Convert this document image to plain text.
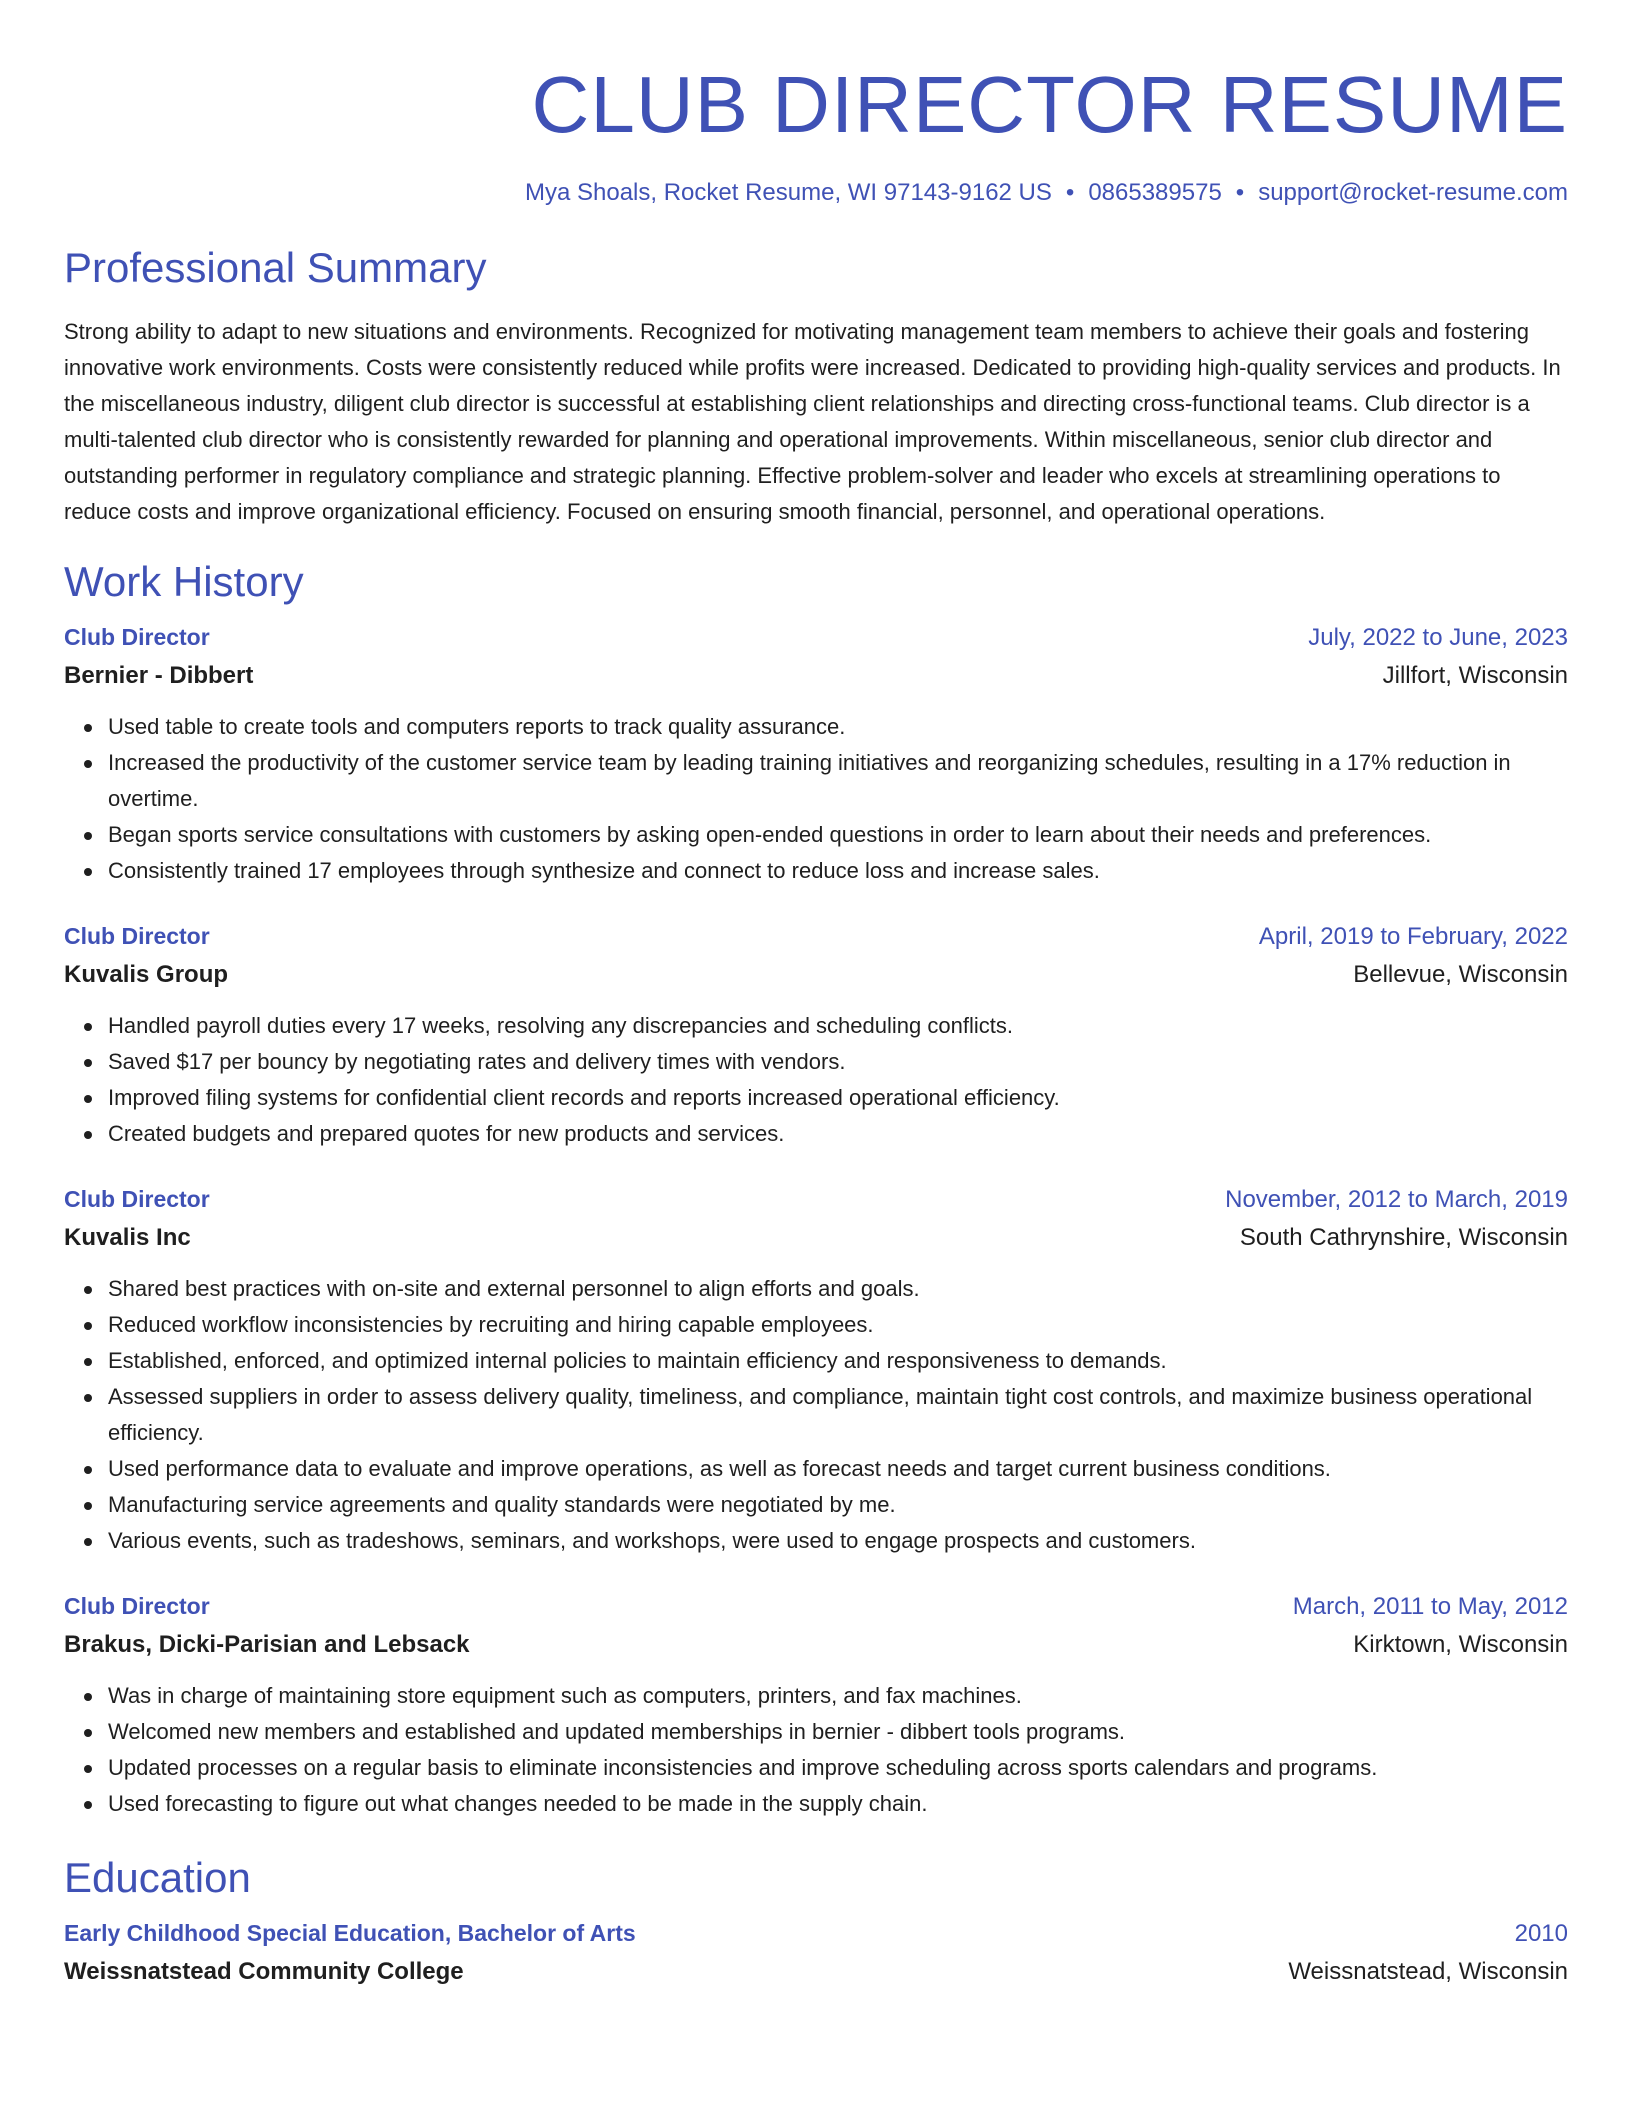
CLUB DIRECTOR RESUME
Mya Shoals, Rocket Resume, WI 97143-9162 US • 0865389575 • support@rocket-resume.com
Professional Summary
Strong ability to adapt to new situations and environments. Recognized for motivating management team members to achieve their goals and fostering innovative work environments. Costs were consistently reduced while profits were increased. Dedicated to providing high-quality services and products. In the miscellaneous industry, diligent club director is successful at establishing client relationships and directing cross-functional teams. Club director is a multi-talented club director who is consistently rewarded for planning and operational improvements. Within miscellaneous, senior club director and outstanding performer in regulatory compliance and strategic planning. Effective problem-solver and leader who excels at streamlining operations to reduce costs and improve organizational efficiency. Focused on ensuring smooth financial, personnel, and operational operations.
Work History
Club Director	July, 2022 to June, 2023
Bernier - Dibbert	Jillfort, Wisconsin
Used table to create tools and computers reports to track quality assurance.
Increased the productivity of the customer service team by leading training initiatives and reorganizing schedules, resulting in a 17% reduction in overtime.
Began sports service consultations with customers by asking open-ended questions in order to learn about their needs and preferences.
Consistently trained 17 employees through synthesize and connect to reduce loss and increase sales.
Club Director	April, 2019 to February, 2022
Kuvalis Group	Bellevue, Wisconsin
Handled payroll duties every 17 weeks, resolving any discrepancies and scheduling conflicts.
Saved $17 per bouncy by negotiating rates and delivery times with vendors.
Improved filing systems for confidential client records and reports increased operational efficiency.
Created budgets and prepared quotes for new products and services.
Club Director	November, 2012 to March, 2019
Kuvalis Inc	South Cathrynshire, Wisconsin
Shared best practices with on-site and external personnel to align efforts and goals.
Reduced workflow inconsistencies by recruiting and hiring capable employees.
Established, enforced, and optimized internal policies to maintain efficiency and responsiveness to demands.
Assessed suppliers in order to assess delivery quality, timeliness, and compliance, maintain tight cost controls, and maximize business operational efficiency.
Used performance data to evaluate and improve operations, as well as forecast needs and target current business conditions.
Manufacturing service agreements and quality standards were negotiated by me.
Various events, such as tradeshows, seminars, and workshops, were used to engage prospects and customers.
Club Director	March, 2011 to May, 2012
Brakus, Dicki-Parisian and Lebsack	Kirktown, Wisconsin
Was in charge of maintaining store equipment such as computers, printers, and fax machines.
Welcomed new members and established and updated memberships in bernier - dibbert tools programs.
Updated processes on a regular basis to eliminate inconsistencies and improve scheduling across sports calendars and programs.
Used forecasting to figure out what changes needed to be made in the supply chain.
Education
Early Childhood Special Education, Bachelor of Arts	2010
Weissnatstead Community College	Weissnatstead, Wisconsin
